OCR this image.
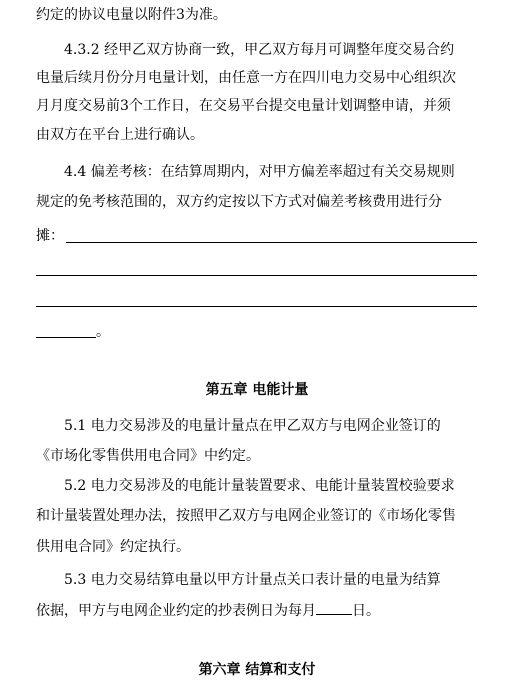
约定的协议电量以附件3为准。
4.3.2 经甲乙双方协商一致，甲乙双方每月可调整年度交易合约
电量后续月份分月电量计划，由任意一方在四川电力交易中心组织次
月月度交易前3个工作日，在交易平台提交电量计划调整申请，并须
由双方在平台上进行确认。
4.4 偏差考核：在结算周期内，对甲方偏差率超过有关交易规则
规定的免考核范围的，双方约定按以下方式对偏差考核费用进行分
摊：
。
第五章 电能计量
5.1 电力交易涉及的电量计量点在甲乙双方与电网企业签订的
《市场化零售供用电合同》中约定。
5.2 电力交易涉及的电能计量装置要求、电能计量装置校验要求
和计量装置处理办法，按照甲乙双方与电网企业签订的《市场化零售
供用电合同》约定执行。
5.3 电力交易结算电量以甲方计量点关口表计量的电量为结算
依据，甲方与电网企业约定的抄表例日为每月	日。
第六章 结算和支付
